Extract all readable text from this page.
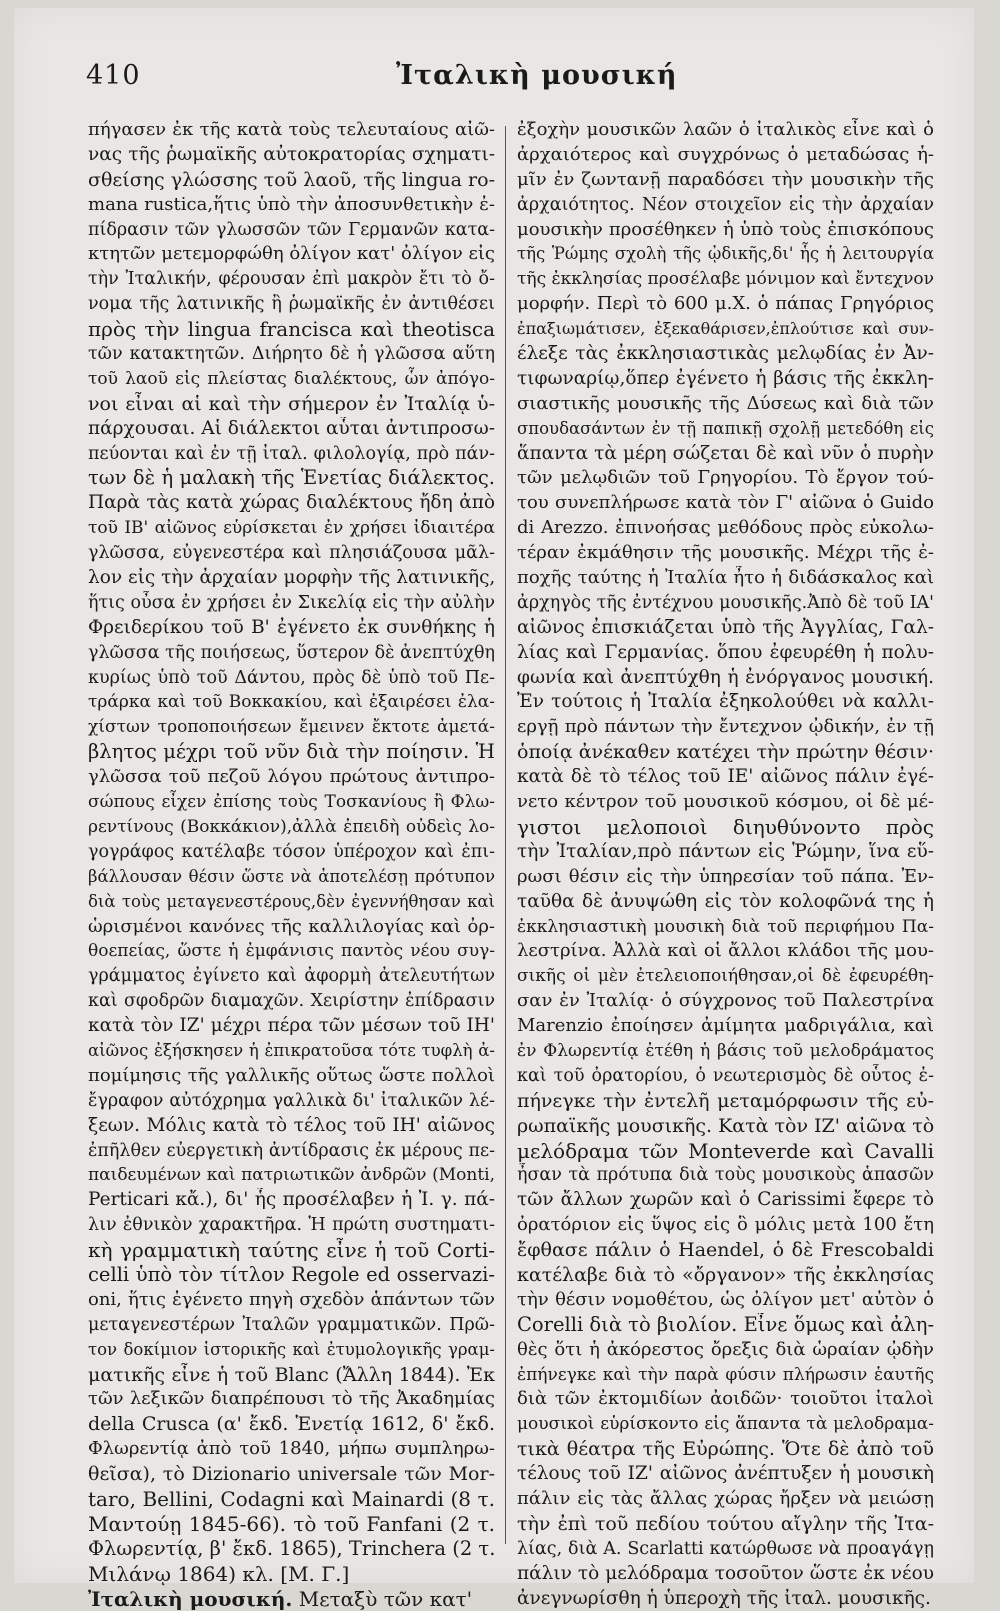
410	Ἰταλικὴ μουσική
πήγασεν ἐκ τῆς κατὰ τοὺς τελευταίους αἰῶ-
νας τῆς ῥωμαϊκῆς αὐτοκρατορίας σχηματι-
σθείσης γλώσσης τοῦ λαοῦ, τῆς lingua ro-
mana rustica,ἥτις ὑπὸ τὴν ἀποσυνθετικὴν ἐ-
πίδρασιν τῶν γλωσσῶν τῶν Γερμανῶν κατα-
κτητῶν μετεμορφώθη ὀλίγον κατ' ὀλίγον εἰς
τὴν Ἰταλικήν, φέρουσαν ἐπὶ μακρὸν ἔτι τὸ ὄ-
νομα τῆς λατινικῆς ἢ ῥωμαϊκῆς ἐν ἀντιθέσει
πρὸς τὴν lingua francisca καὶ theotisca
τῶν κατακτητῶν. Διήρητο δὲ ἡ γλῶσσα αὕτη
τοῦ λαοῦ εἰς πλείστας διαλέκτους, ὧν ἀπόγο-
νοι εἶναι αἱ καὶ τὴν σήμερον ἐν Ἰταλίᾳ ὑ-
πάρχουσαι. Αἱ διάλεκτοι αὗται ἀντιπροσω-
πεύονται καὶ ἐν τῇ ἰταλ. φιλολογίᾳ, πρὸ πάν-
των δὲ ἡ μαλακὴ τῆς Ἑνετίας διάλεκτος.
Παρὰ τὰς κατὰ χώρας διαλέκτους ἤδη ἀπὸ
τοῦ ΙΒ' αἰῶνος εὑρίσκεται ἐν χρήσει ἰδιαιτέρα
γλῶσσα, εὐγενεστέρα καὶ πλησιάζουσα μᾶλ-
λον εἰς τὴν ἀρχαίαν μορφὴν τῆς λατινικῆς,
ἥτις οὖσα ἐν χρήσει ἐν Σικελίᾳ εἰς τὴν αὐλὴν
Φρειδερίκου τοῦ Β' ἐγένετο ἐκ συνθήκης ἡ
γλῶσσα τῆς ποιήσεως, ὕστερον δὲ ἀνεπτύχθη
κυρίως ὑπὸ τοῦ Δάντου, πρὸς δὲ ὑπὸ τοῦ Πε-
τράρκα καὶ τοῦ Βοκκακίου, καὶ ἐξαιρέσει ἐλα-
χίστων τροποποιήσεων ἔμεινεν ἔκτοτε ἀμετά-
βλητος μέχρι τοῦ νῦν διὰ τὴν ποίησιν. Ἡ
γλῶσσα τοῦ πεζοῦ λόγου πρώτους ἀντιπρο-
σώπους εἶχεν ἐπίσης τοὺς Τοσκανίους ἢ Φλω-
ρεντίνους (Βοκκάκιον),ἀλλὰ ἐπειδὴ οὐδεὶς λο-
γογράφος κατέλαβε τόσον ὑπέροχον καὶ ἐπι-
βάλλουσαν θέσιν ὥστε νὰ ἀποτελέσῃ πρότυπον
διὰ τοὺς μεταγενεστέρους,δὲν ἐγεννήθησαν καὶ
ὡρισμένοι κανόνες τῆς καλλιλογίας καὶ ὀρ-
θοεπείας, ὥστε ἡ ἐμφάνισις παντὸς νέου συγ-
γράμματος ἐγίνετο καὶ ἀφορμὴ ἀτελευτήτων
καὶ σφοδρῶν διαμαχῶν. Χειρίστην ἐπίδρασιν
κατὰ τὸν ΙΖ' μέχρι πέρα τῶν μέσων τοῦ ΙΗ'
αἰῶνος ἐξήσκησεν ἡ ἐπικρατοῦσα τότε τυφλὴ ἀ-
πομίμησις τῆς γαλλικῆς οὕτως ὥστε πολλοὶ
ἔγραφον αὐτόχρημα γαλλικὰ δι' ἰταλικῶν λέ-
ξεων. Μόλις κατὰ τὸ τέλος τοῦ ΙΗ' αἰῶνος
ἐπῆλθεν εὐεργετικὴ ἀντίδρασις ἐκ μέρους πε-
παιδευμένων καὶ πατριωτικῶν ἀνδρῶν (Monti,
Perticari κἄ.), δι' ἧς προσέλαβεν ἡ Ἰ. γ. πά-
λιν ἐθνικὸν χαρακτῆρα. Ἡ πρώτη συστηματι-
κὴ γραμματικὴ ταύτης εἶνε ἡ τοῦ Corti-
celli ὑπὸ τὸν τίτλον Regole ed osservazi-
oni, ἥτις ἐγένετο πηγὴ σχεδὸν ἁπάντων τῶν
μεταγενεστέρων Ἰταλῶν γραμματικῶν. Πρῶ-
τον δοκίμιον ἱστορικῆς καὶ ἐτυμολογικῆς γραμ-
ματικῆς εἶνε ἡ τοῦ Blanc (Ἄλλη 1844). Ἐκ
τῶν λεξικῶν διαπρέπουσι τὸ τῆς Ἀκαδημίας
della Crusca (α' ἔκδ. Ἑνετίᾳ 1612, δ' ἔκδ.
Φλωρεντίᾳ ἀπὸ τοῦ 1840, μήπω συμπληρω-
θεῖσα), τὸ Dizionario universale τῶν Mor-
taro, Bellini, Codagni καὶ Mainardi (8 τ.
Μαντούῃ 1845-66). τὸ τοῦ Fanfani (2 τ.
Φλωρεντίᾳ, β' ἔκδ. 1865), Trinchera (2 τ.
Μιλάνῳ 1864) κλ. [Μ. Γ.]
Ἰταλικὴ μουσική. Μεταξὺ τῶν κατ'
ἐξοχὴν μουσικῶν λαῶν ὁ ἰταλικὸς εἶνε καὶ ὁ
ἀρχαιότερος καὶ συγχρόνως ὁ μεταδώσας ἡ-
μῖν ἐν ζωντανῇ παραδόσει τὴν μουσικὴν τῆς
ἀρχαιότητος. Νέον στοιχεῖον εἰς τὴν ἀρχαίαν
μουσικὴν προσέθηκεν ἡ ὑπὸ τοὺς ἐπισκόπους
τῆς Ῥώμης σχολὴ τῆς ᾠδικῆς,δι' ἧς ἡ λειτουργία
τῆς ἐκκλησίας προσέλαβε μόνιμον καὶ ἔντεχνον
μορφήν. Περὶ τὸ 600 μ.Χ. ὁ πάπας Γρηγόριος
ἐπαξιωμάτισεν, ἐξεκαθάρισεν,ἐπλούτισε καὶ συν-
έλεξε τὰς ἐκκλησιαστικὰς μελῳδίας ἐν Ἀν-
τιφωναρίῳ,ὅπερ ἐγένετο ἡ βάσις τῆς ἐκκλη-
σιαστικῆς μουσικῆς τῆς Δύσεως καὶ διὰ τῶν
σπουδασάντων ἐν τῇ παπικῇ σχολῇ μετεδόθη εἰς
ἅπαντα τὰ μέρη σώζεται δὲ καὶ νῦν ὁ πυρὴν
τῶν μελῳδιῶν τοῦ Γρηγορίου. Τὸ ἔργον τού-
του συνεπλήρωσε κατὰ τὸν Γ' αἰῶνα ὁ Guido
di Arezzo. ἐπινοήσας μεθόδους πρὸς εὐκολω-
τέραν ἐκμάθησιν τῆς μουσικῆς. Μέχρι τῆς ἐ-
ποχῆς ταύτης ἡ Ἰταλία ἦτο ἡ διδάσκαλος καὶ
ἀρχηγὸς τῆς ἐντέχνου μουσικῆς.Ἀπὸ δὲ τοῦ ΙΑ'
αἰῶνος ἐπισκιάζεται ὑπὸ τῆς Ἀγγλίας, Γαλ-
λίας καὶ Γερμανίας. ὅπου ἐφευρέθη ἡ πολυ-
φωνία καὶ ἀνεπτύχθη ἡ ἐνόργανος μουσική.
Ἐν τούτοις ἡ Ἰταλία ἐξηκολούθει νὰ καλλι-
εργῇ πρὸ πάντων τὴν ἔντεχνον ᾠδικήν, ἐν τῇ
ὁποίᾳ ἀνέκαθεν κατέχει τὴν πρώτην θέσιν·
κατὰ δὲ τὸ τέλος τοῦ ΙΕ' αἰῶνος πάλιν ἐγέ-
νετο κέντρον τοῦ μουσικοῦ κόσμου, οἱ δὲ μέ-
γιστοι μελοποιοὶ διηυθύνοντο πρὸς
τὴν Ἰταλίαν,πρὸ πάντων εἰς Ῥώμην, ἵνα εὕ-
ρωσι θέσιν εἰς τὴν ὑπηρεσίαν τοῦ πάπα. Ἐν-
ταῦθα δὲ ἀνυψώθη εἰς τὸν κολοφῶνά της ἡ
ἐκκλησιαστικὴ μουσικὴ διὰ τοῦ περιφήμου Πα-
λεστρίνα. Ἀλλὰ καὶ οἱ ἄλλοι κλάδοι τῆς μου-
σικῆς οἱ μὲν ἐτελειοποιήθησαν,οἱ δὲ ἐφευρέθη-
σαν ἐν Ἰταλίᾳ· ὁ σύγχρονος τοῦ Παλεστρίνα
Marenzio ἐποίησεν ἀμίμητα μαδριγάλια, καὶ
ἐν Φλωρεντίᾳ ἐτέθη ἡ βάσις τοῦ μελοδράματος
καὶ τοῦ ὀρατορίου, ὁ νεωτερισμὸς δὲ οὗτος ἐ-
πήνεγκε τὴν ἐντελῆ μεταμόρφωσιν τῆς εὐ-
ρωπαϊκῆς μουσικῆς. Κατὰ τὸν ΙΖ' αἰῶνα τὸ
μελόδραμα τῶν Monteverde καὶ Cavalli
ἦσαν τὰ πρότυπα διὰ τοὺς μουσικοὺς ἁπασῶν
τῶν ἄλλων χωρῶν καὶ ὁ Carissimi ἔφερε τὸ
ὀρατόριον εἰς ὕψος εἰς ὃ μόλις μετὰ 100 ἔτη
ἔφθασε πάλιν ὁ Haendel, ὁ δὲ Frescobaldi
κατέλαβε διὰ τὸ «ὄργανον» τῆς ἐκκλησίας
τὴν θέσιν νομοθέτου, ὡς ὀλίγον μετ' αὐτὸν ὁ
Corelli διὰ τὸ βιολίον. Εἶνε ὅμως καὶ ἀλη-
θὲς ὅτι ἡ ἀκόρεστος ὄρεξις διὰ ὡραίαν ᾠδὴν
ἐπήνεγκε καὶ τὴν παρὰ φύσιν πλήρωσιν ἑαυτῆς
διὰ τῶν ἐκτομιδίων ἀοιδῶν· τοιοῦτοι ἰταλοὶ
μουσικοὶ εὑρίσκοντο εἰς ἅπαντα τὰ μελοδραμα-
τικὰ θέατρα τῆς Εὐρώπης. Ὅτε δὲ ἀπὸ τοῦ
τέλους τοῦ ΙΖ' αἰῶνος ἀνέπτυξεν ἡ μουσικὴ
πάλιν εἰς τὰς ἄλλας χώρας ἤρξεν νὰ μειώσῃ
τὴν ἐπὶ τοῦ πεδίου τούτου αἴγλην τῆς Ἰτα-
λίας, διὰ A. Scarlatti κατώρθωσε νὰ προαγάγῃ
πάλιν τὸ μελόδραμα τοσοῦτον ὥστε ἐκ νέου
ἀνεγνωρίσθη ἡ ὑπεροχὴ τῆς ἰταλ. μουσικῆς.
